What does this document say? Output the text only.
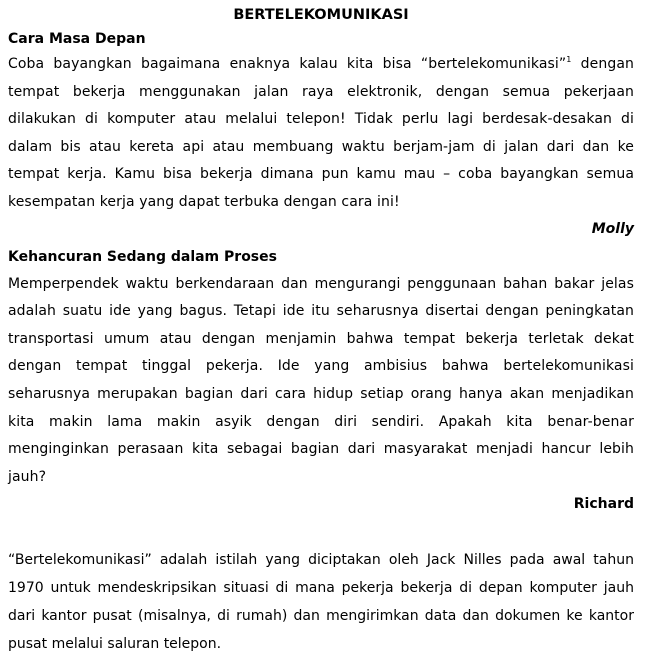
BERTELEKOMUNIKASI
Cara Masa Depan

Coba bayangkan bagaimana enaknya kalau kita bisa “bertelekomunikasi”$^1$ dengan tempat bekerja menggunakan jalan raya elektronik, dengan semua pekerjaan dilakukan di komputer atau melalui telepon! Tidak perlu lagi berdesak-desakan di dalam bis atau kereta api atau membuang waktu berjam-jam di jalan dari dan ke tempat kerja. Kamu bisa bekerja dimana pun kamu mau – coba bayangkan semua kesempatan kerja yang dapat terbuka dengan cara ini!

Molly

Kehancuran Sedang dalam Proses

Memperpendek waktu berkendaraan dan mengurangi penggunaan bahan bakar jelas adalah suatu ide yang bagus. Tetapi ide itu seharusnya disertai dengan peningkatan transportasi umum atau dengan menjamin bahwa tempat bekerja terletak dekat dengan tempat tinggal pekerja. Ide yang ambisius bahwa bertelekomunikasi seharusnya merupakan bagian dari cara hidup setiap orang hanya akan menjadikan kita makin lama makin asyik dengan diri sendiri. Apakah kita benar-benar menginginkan perasaan kita sebagai bagian dari masyarakat menjadi hancur lebih jauh?

Richard

“Bertelekomunikasi” adalah istilah yang diciptakan oleh Jack Nilles pada awal tahun 1970 untuk mendeskripsikan situasi di mana pekerja bekerja di depan komputer jauh dari kantor pusat (misalnya, di rumah) dan mengirimkan data dan dokumen ke kantor pusat melalui saluran telepon.
